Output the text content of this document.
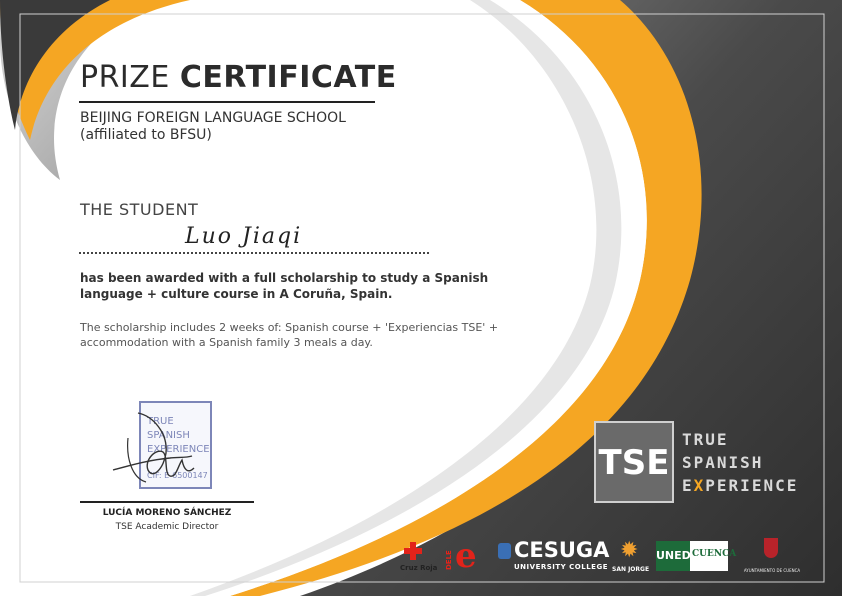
PRIZE CERTIFICATE
BEIJING FOREIGN LANGUAGE SCHOOL
(affiliated to BFSU)
THE STUDENT
Luo Jiaqi
has been awarded with a full scholarship to study a Spanish language + culture course in A Coruña, Spain.
The scholarship includes 2 weeks of: Spanish course + 'Experiencias TSE' + accommodation with a Spanish family 3 meals a day.
TRUE
SPANISH
EXPERIENCE
CIF: E-6500147
LUCÍA MORENO SÁNCHEZ
TSE Academic Director
TSE
TRUE
SPANISH
EXPERIENCE
Cruz Roja DELE e CESUGA
UNIVERSITY COLLEGE
✹
SAN JORGE
UNED CUENCA
AYUNTAMIENTO DE CUENCA
